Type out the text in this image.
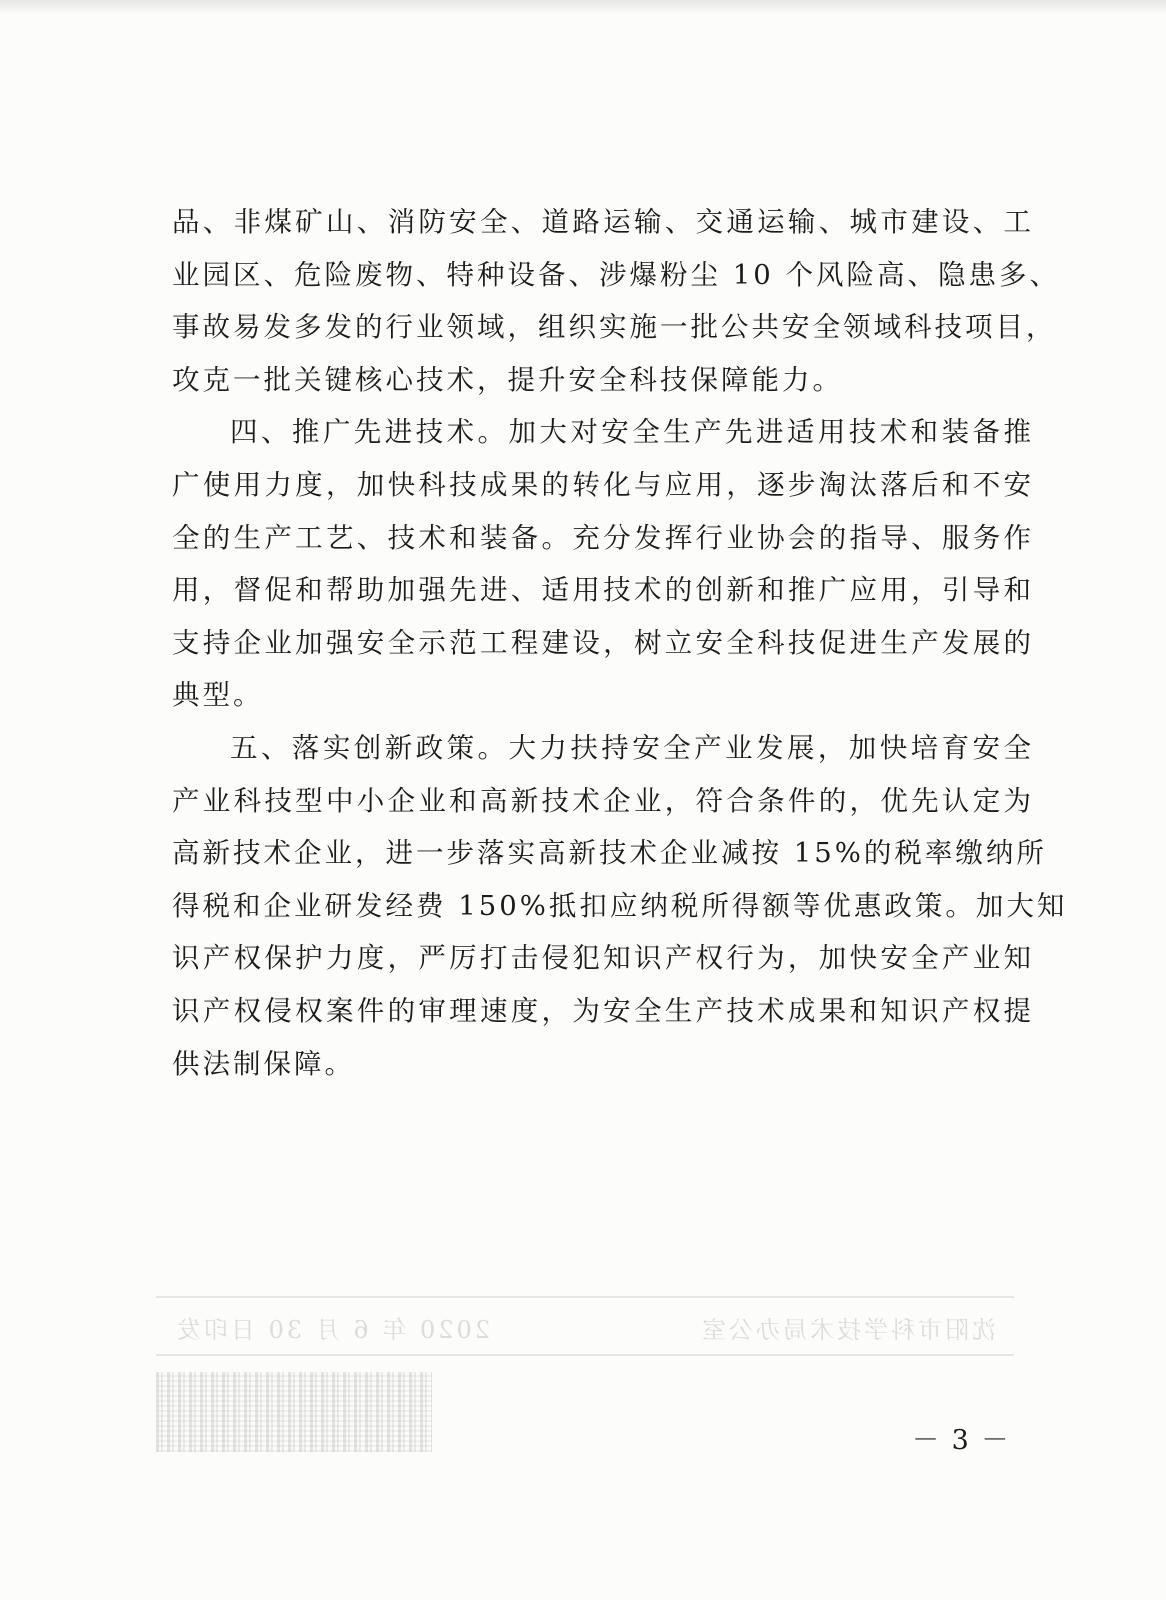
品、非煤矿山、消防安全、道路运输、交通运输、城市建设、工
业园区、危险废物、特种设备、涉爆粉尘 10 个风险高、隐患多、
事故易发多发的行业领域，组织实施一批公共安全领域科技项目，
攻克一批关键核心技术，提升安全科技保障能力。
四、推广先进技术。加大对安全生产先进适用技术和装备推
广使用力度，加快科技成果的转化与应用，逐步淘汰落后和不安
全的生产工艺、技术和装备。充分发挥行业协会的指导、服务作
用，督促和帮助加强先进、适用技术的创新和推广应用，引导和
支持企业加强安全示范工程建设，树立安全科技促进生产发展的
典型。
五、落实创新政策。大力扶持安全产业发展，加快培育安全
产业科技型中小企业和高新技术企业，符合条件的，优先认定为
高新技术企业，进一步落实高新技术企业减按 15%的税率缴纳所
得税和企业研发经费 150%抵扣应纳税所得额等优惠政策。加大知
识产权保护力度，严厉打击侵犯知识产权行为，加快安全产业知
识产权侵权案件的审理速度，为安全生产技术成果和知识产权提
供法制保障。
沈阳市科学技术局办公室
2020 年 6 月 30 日印发
－ 3 －
